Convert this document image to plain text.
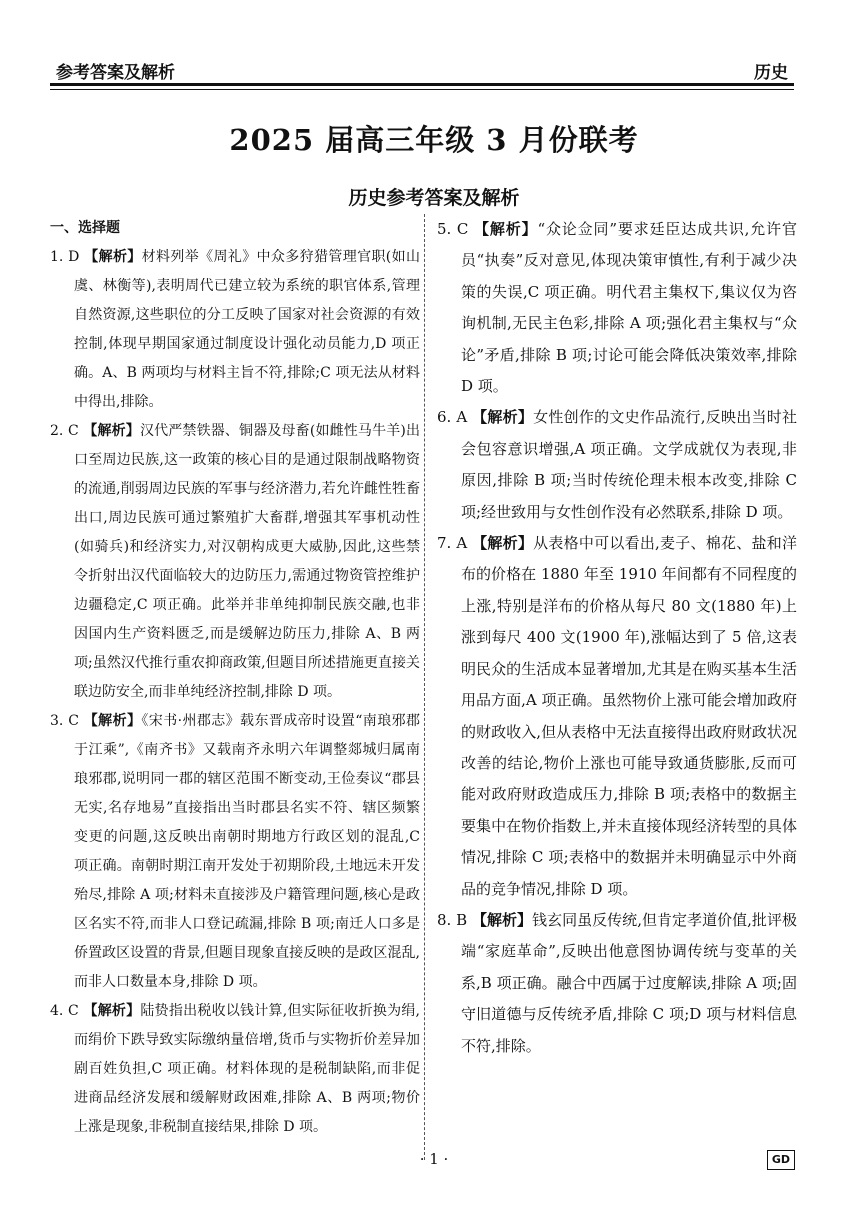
参考答案及解析	历史
2025 届高三年级 3 月份联考
历史参考答案及解析
一、选择题

1. D 【解析】材料列举《周礼》中众多狩猎管理官职(如山虞、林衡等),表明周代已建立较为系统的职官体系,管理自然资源,这些职位的分工反映了国家对社会资源的有效控制,体现早期国家通过制度设计强化动员能力,D 项正确。A、B 两项均与材料主旨不符,排除;C 项无法从材料中得出,排除。

2. C 【解析】汉代严禁铁器、铜器及母畜(如雌性马牛羊)出口至周边民族,这一政策的核心目的是通过限制战略物资的流通,削弱周边民族的军事与经济潜力,若允许雌性牲畜出口,周边民族可通过繁殖扩大畜群,增强其军事机动性(如骑兵)和经济实力,对汉朝构成更大威胁,因此,这些禁令折射出汉代面临较大的边防压力,需通过物资管控维护边疆稳定,C 项正确。此举并非单纯抑制民族交融,也非因国内生产资料匮乏,而是缓解边防压力,排除 A、B 两项;虽然汉代推行重农抑商政策,但题目所述措施更直接关联边防安全,而非单纯经济控制,排除 D 项。

3. C 【解析】《宋书·州郡志》载东晋成帝时设置“南琅邪郡于江乘”,《南齐书》又载南齐永明六年调整郯城归属南琅邪郡,说明同一郡的辖区范围不断变动,王俭奏议“郡县无实,名存地易”直接指出当时郡县名实不符、辖区频繁变更的问题,这反映出南朝时期地方行政区划的混乱,C 项正确。南朝时期江南开发处于初期阶段,土地远未开发殆尽,排除 A 项;材料未直接涉及户籍管理问题,核心是政区名实不符,而非人口登记疏漏,排除 B 项;南迁人口多是侨置政区设置的背景,但题目现象直接反映的是政区混乱,而非人口数量本身,排除 D 项。

4. C 【解析】陆贽指出税收以钱计算,但实际征收折换为绢,而绢价下跌导致实际缴纳量倍增,货币与实物折价差异加剧百姓负担,C 项正确。材料体现的是税制缺陷,而非促进商品经济发展和缓解财政困难,排除 A、B 两项;物价上涨是现象,非税制直接结果,排除 D 项。

5. C 【解析】“众论佥同”要求廷臣达成共识,允许官员“执奏”反对意见,体现决策审慎性,有利于减少决策的失误,C 项正确。明代君主集权下,集议仅为咨询机制,无民主色彩,排除 A 项;强化君主集权与“众论”矛盾,排除 B 项;讨论可能会降低决策效率,排除 D 项。

6. A 【解析】女性创作的文史作品流行,反映出当时社会包容意识增强,A 项正确。文学成就仅为表现,非原因,排除 B 项;当时传统伦理未根本改变,排除 C 项;经世致用与女性创作没有必然联系,排除 D 项。

7. A 【解析】从表格中可以看出,麦子、棉花、盐和洋布的价格在 1880 年至 1910 年间都有不同程度的上涨,特别是洋布的价格从每尺 80 文(1880 年)上涨到每尺 400 文(1900 年),涨幅达到了 5 倍,这表明民众的生活成本显著增加,尤其是在购买基本生活用品方面,A 项正确。虽然物价上涨可能会增加政府的财政收入,但从表格中无法直接得出政府财政状况改善的结论,物价上涨也可能导致通货膨胀,反而可能对政府财政造成压力,排除 B 项;表格中的数据主要集中在物价指数上,并未直接体现经济转型的具体情况,排除 C 项;表格中的数据并未明确显示中外商品的竞争情况,排除 D 项。

8. B 【解析】钱玄同虽反传统,但肯定孝道价值,批评极端“家庭革命”,反映出他意图协调传统与变革的关系,B 项正确。融合中西属于过度解读,排除 A 项;固守旧道德与反传统矛盾,排除 C 项;D 项与材料信息不符,排除。

· 1 ·	GD
